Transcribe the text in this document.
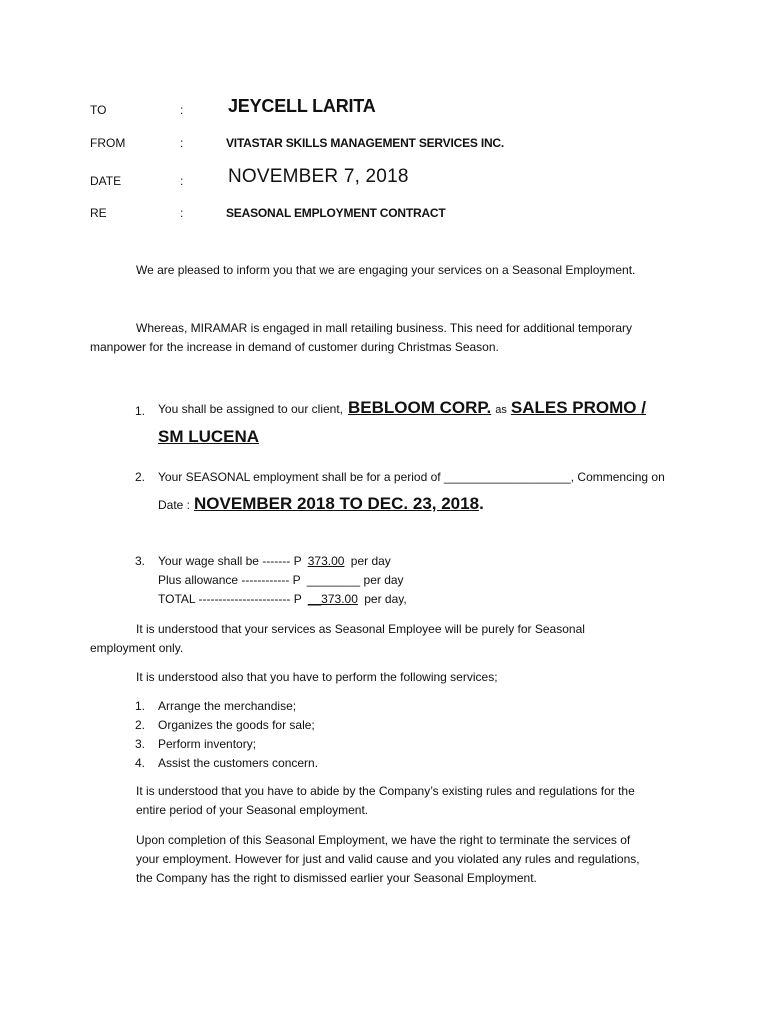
TO	: JEYCELL LARITA
FROM	:	VITASTAR SKILLS MANAGEMENT SERVICES INC.
DATE	: NOVEMBER 7, 2018
RE	:	SEASONAL EMPLOYMENT CONTRACT
We are pleased to inform you that we are engaging your services on a Seasonal Employment.
Whereas, MIRAMAR is engaged in mall retailing business. This need for additional temporary
manpower for the increase in demand of customer during Christmas Season.
1. You shall be assigned to our client, BEBLOOM CORP. as SALES PROMO /
SM LUCENA
2. Your SEASONAL employment shall be for a period of ___________________, Commencing on
Date : NOVEMBER 2018 TO DEC. 23, 2018 .
3. Your wage shall be ------- P 373.00 per day
Plus allowance ------------ P ________ per day
TOTAL ----------------------- P __373.00 per day,
It is understood that your services as Seasonal Employee will be purely for Seasonal
employment only.
It is understood also that you have to perform the following services;
1.	Arrange the merchandise;
2.	Organizes the goods for sale;
3.	Perform inventory;
4.	Assist the customers concern.
It is understood that you have to abide by the Company’s existing rules and regulations for the
entire period of your Seasonal employment.
Upon completion of this Seasonal Employment, we have the right to terminate the services of
your employment. However for just and valid cause and you violated any rules and regulations,
the Company has the right to dismissed earlier your Seasonal Employment.
